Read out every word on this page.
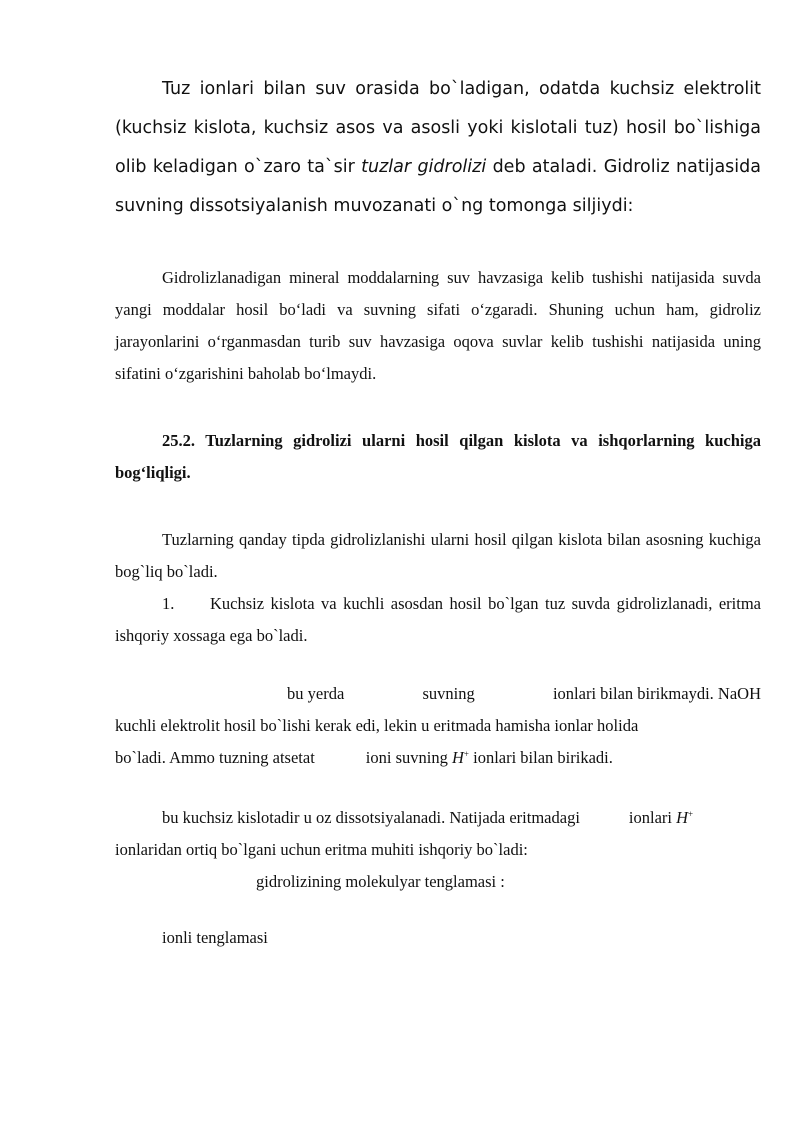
Tuz ionlari bilan suv orasida bo`ladigan, odatda kuchsiz elektrolit (kuchsiz kislota, kuchsiz asos va asosli yoki kislotali tuz) hosil bo`lishiga olib keladigan o`zaro ta`sir tuzlar gidrolizi deb ataladi. Gidroliz natijasida suvning dissotsiyalanish muvozanati o`ng tomonga siljiydi:

Gidrolizlanadigan mineral moddalarning suv havzasiga kelib tushishi natijasida suvda yangi moddalar hosil bo‘ladi va suvning sifati o‘zgaradi. Shuning uchun ham, gidroliz jarayonlarini o‘rganmasdan turib suv havzasiga oqova suvlar kelib tushishi natijasida uning sifatini o‘zgarishini baholab bo‘lmaydi.

25.2. Tuzlarning gidrolizi ularni hosil qilgan kislota va ishqorlarning kuchiga bog‘liqligi.

Tuzlarning qanday tipda gidrolizlanishi ularni hosil qilgan kislota bilan asosning kuchiga bog`liq bo`ladi.

1. Kuchsiz kislota va kuchli asosdan hosil bo`lgan tuz suvda gidrolizlanadi, eritma ishqoriy xossaga ega bo`ladi.

bu yerda	suvning	ionlari bilan birikmaydi. NaOH

kuchli elektrolit hosil bo`lishi kerak edi, lekin u eritmada hamisha ionlar holida

bo`ladi. Ammo tuzning atsetat	ioni suvning H+ ionlari bilan birikadi.

bu kuchsiz kislotadir u oz dissotsiyalanadi. Natijada eritmadagi	ionlari H+

ionlaridan ortiq bo`lgani uchun eritma muhiti ishqoriy bo`ladi:

gidrolizining molekulyar tenglamasi :

ionli tenglamasi
